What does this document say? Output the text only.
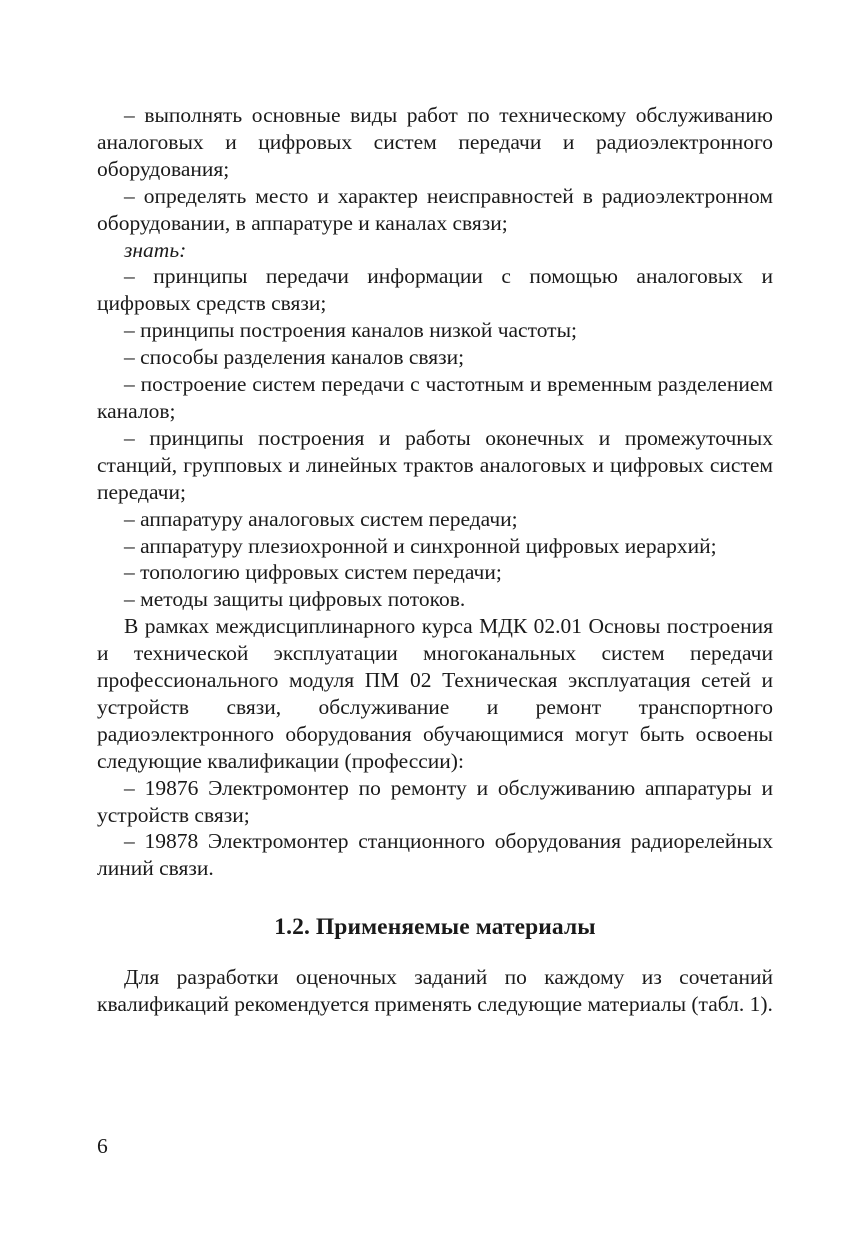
– выполнять основные виды работ по техническому обслуживанию аналоговых и цифровых систем передачи и радиоэлектронного оборудования;

– определять место и характер неисправностей в радиоэлектронном оборудовании, в аппаратуре и каналах связи;

знать:

– принципы передачи информации с помощью аналоговых и цифровых средств связи;

– принципы построения каналов низкой частоты;

– способы разделения каналов связи;

– построение систем передачи с частотным и временным разделением каналов;

– принципы построения и работы оконечных и промежуточных станций, групповых и линейных трактов аналоговых и цифровых систем передачи;

– аппаратуру аналоговых систем передачи;

– аппаратуру плезиохронной и синхронной цифровых иерархий;

– топологию цифровых систем передачи;

– методы защиты цифровых потоков.

В рамках междисциплинарного курса МДК 02.01 Основы построения и технической эксплуатации многоканальных систем передачи профессионального модуля ПМ 02 Техническая эксплуатация сетей и устройств связи, обслуживание и ремонт транспортного радиоэлектронного оборудования обучающимися могут быть освоены следующие квалификации (профессии):

– 19876 Электромонтер по ремонту и обслуживанию аппаратуры и устройств связи;

– 19878 Электромонтер станционного оборудования радиорелейных линий связи.

1.2. Применяемые материалы

Для разработки оценочных заданий по каждому из сочетаний квалификаций рекомендуется применять следующие материалы (табл. 1).

6
